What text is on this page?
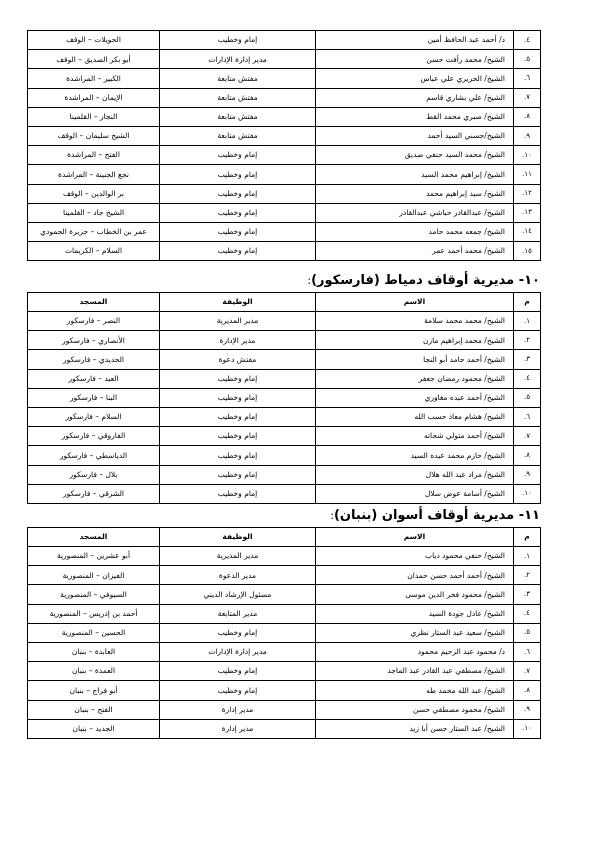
٤.	د/ أحمد عبد الحافظ أمين	إمام وخطيب	الحويلات – الوقف
٥.	الشيخ/ محمد رأفت حسن	مدير إدارة الإدارات	أبو بكر الصديق – الوقف
٦.	الشيخ/ الحريري علي عباس	مفتش متابعة	الكبير – المراشدة
٧.	الشيخ/ علي بشاري قاسم	مفتش متابعة	الإيمان – المراشدة
٨.	الشيخ/ صبري محمد القط	مفتش متابعة	النجار – القلمينا
٩.	الشيخ/حسني السيد أحمد	مفتش متابعة	الشيخ سليمان – الوقف
١٠.	الشيخ/ محمد السيد حنفي صديق	إمام وخطيب	الفتح – المراشدة
١١.	الشيخ/ إبراهيم محمد السيد	إمام وخطيب	نجع الجنينة – المراشدة
١٢.	الشيخ/ سيد إبراهيم محمد	إمام وخطيب	بر الوالدين – الوقف
١٣.	الشيخ/ عبدالقادر حباشي عبدالقادر	إمام وخطيب	الشيخ جاد – القلمينا
١٤.	الشيخ/ جمعه محمد حامد	إمام وخطيب	عمر بن الخطاب – جزيرة الحمودي
١٥.	الشيخ/ محمد أحمد عمر	إمام وخطيب	السلام – الكريمات
١٠- مديرية أوقاف دمياط (فارسكور):
م	الاسم	الوظيفة	المسجد
١.	الشيخ/ محمد محمد سلامة	مدير المديرية	النصر – فارسكور
٢.	الشيخ/ محمد إبراهيم مازن	مدير الإدارة	الأنصاري – فارسكور
٣.	الشيخ/ أحمد حامد أبو النجا	مفتش دعوة	الحديدي – فارسكور
٤.	الشيخ/ محمود رمضان جعفر	إمام وخطيب	العبد – فارسكور
٥.	الشيخ/ أحمد عبده مغاوري	إمام وخطيب	البنا – فارسكور
٦.	الشيخ/ هشام معاذ حسب الله	إمام وخطيب	السلام – فارسكور
٧.	الشيخ/ أحمد متولي شحاته	إمام وخطيب	الفاروقي – فارسكور
٨.	الشيخ/ حازم محمد عبده السيد	إمام وخطيب	الدياسطي – فارسكور
٩.	الشيخ/ مراد عبد الله هلال	إمام وخطيب	بلال – فارسكور
١٠.	الشيخ/ أسامة عوض سلال	إمام وخطيب	الشرقي – فارسكور
١١- مديرية أوقاف أسوان (بنبان):
م	الاسم	الوظيفة	المسجد
١.	الشيخ/ حنفي محمود دياب	مدير المديرية	أبو عشرين – المنصورية
٢.	الشيخ/ أحمد أحمد حسن حمدان	مدير الدعوة	الفيزان – المنصورية
٣.	الشيخ/ محمود فخر الدين موسى	مسئول الإرشاد الديني	السيوفي – المنصورية
٤.	الشيخ/ عادل جودة السيد	مدير المتابعة	أحمد بن إدريس – المنصورية
٥.	الشيخ/ سعيد عبد الستار نظري	إمام وخطيب	الحسين – المنصورية
٦.	د/ محمود عبد الرحيم محمود	مدير إدارة الإدارات	العابدة – بنبان
٧.	الشيخ/ مصطفي عبد القادر عبد الماجد	إمام وخطيب	العمدة – بنبان
٨.	الشيخ/ عبد الله محمد طه	إمام وخطيب	أبو فراج – بنبان
٩.	الشيخ/ محمود مصطفي حسن	مدير إدارة	الفتح – بنبان
١٠.	الشيخ/ عبد الستار حسن أبا زيد	مدير إدارة	الجديد – بنبان
